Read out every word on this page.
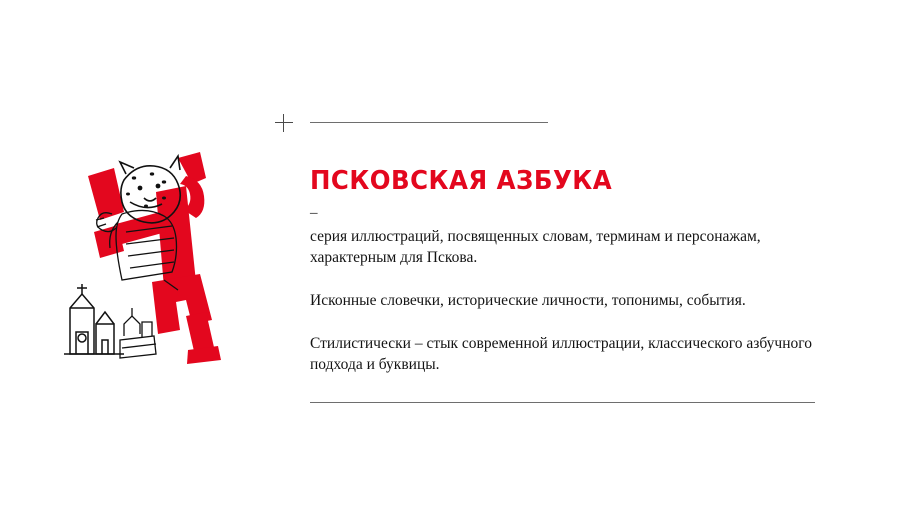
ПСКОВСКАЯ АЗБУКА
–

серия иллюстраций, посвященных словам, терминам и персонажам, характерным для Пскова.

Исконные словечки, исторические личности, топонимы, события.

Стилистически – стык современной иллюстрации, классического азбучного подхода и буквицы.
